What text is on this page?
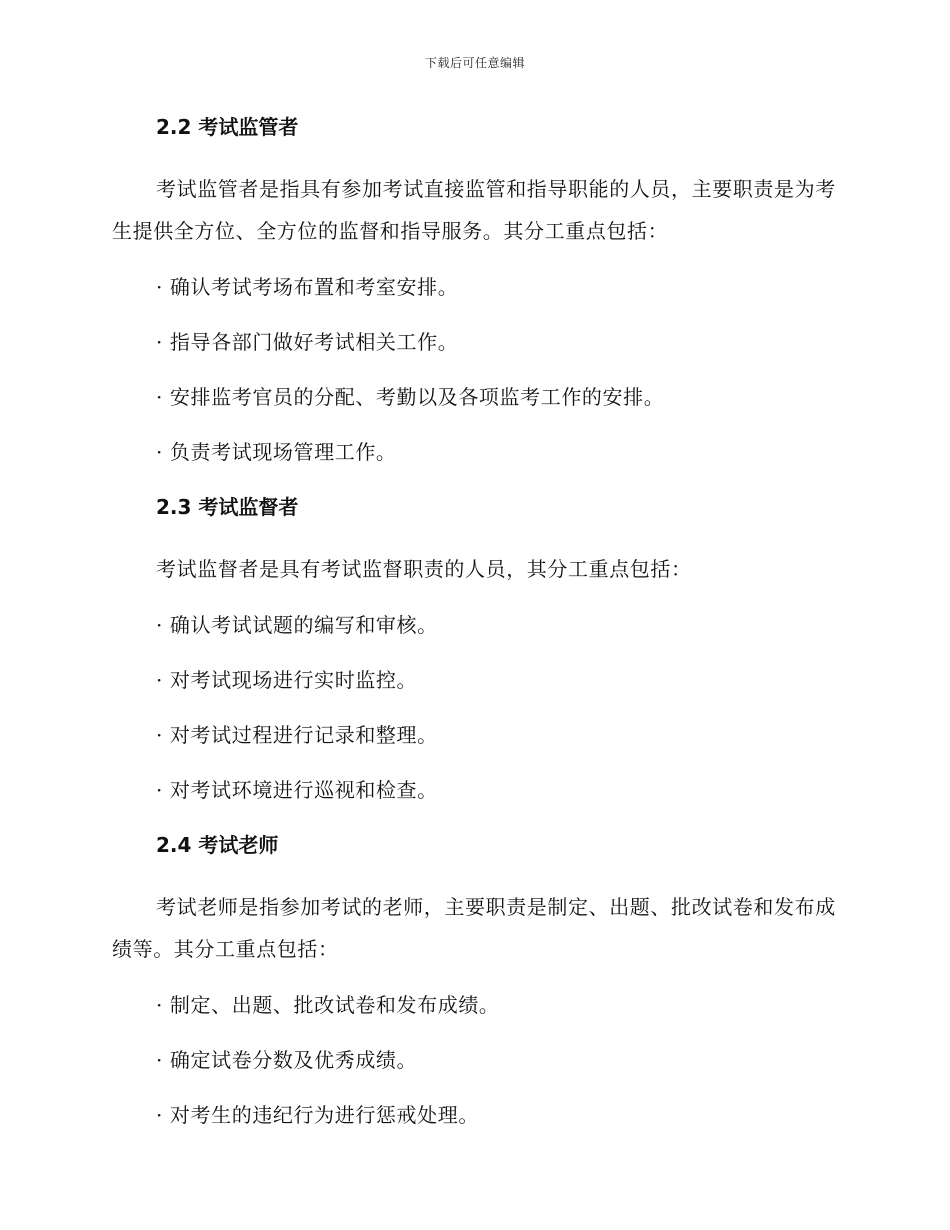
下载后可任意编辑
2.2 考试监管者

考试监管者是指具有参加考试直接监管和指导职能的人员，主要职责是为考生提供全方位、全方位的监督和指导服务。其分工重点包括：

· 确认考试考场布置和考室安排。
· 指导各部门做好考试相关工作。
· 安排监考官员的分配、考勤以及各项监考工作的安排。
· 负责考试现场管理工作。
2.3 考试监督者

考试监督者是具有考试监督职责的人员，其分工重点包括：

· 确认考试试题的编写和审核。
· 对考试现场进行实时监控。
· 对考试过程进行记录和整理。
· 对考试环境进行巡视和检查。
2.4 考试老师

考试老师是指参加考试的老师，主要职责是制定、出题、批改试卷和发布成绩等。其分工重点包括：

· 制定、出题、批改试卷和发布成绩。
· 确定试卷分数及优秀成绩。
· 对考生的违纪行为进行惩戒处理。
